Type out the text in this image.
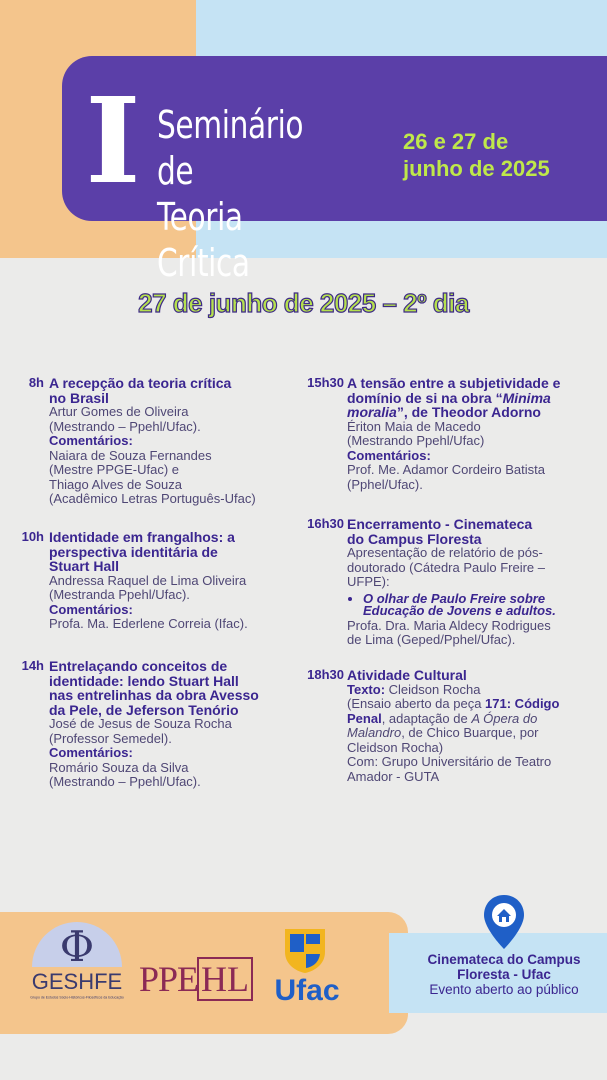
I Seminário de
Teoria Crítica
26 e 27 de
junho de 2025
27 de junho de 2025 – 2º dia
8h A recepção da teoria crítica
no Brasil
Artur Gomes de Oliveira
(Mestrando – Ppehl/Ufac).
Comentários:
Naiara de Souza Fernandes
(Mestre PPGE-Ufac) e
Thiago Alves de Souza
(Acadêmico Letras Português-Ufac)
10h Identidade em frangalhos: a
perspectiva identitária de
Stuart Hall
Andressa Raquel de Lima Oliveira
(Mestranda Ppehl/Ufac).
Comentários:
Profa. Ma. Ederlene Correia (Ifac).
14h Entrelaçando conceitos de
identidade: lendo Stuart Hall
nas entrelinhas da obra Avesso
da Pele, de Jeferson Tenório
José de Jesus de Souza Rocha
(Professor Semedel).
Comentários:
Romário Souza da Silva
(Mestrando – Ppehl/Ufac).
15h30 A tensão entre a subjetividade e
domínio de si na obra “Minima
moralia”, de Theodor Adorno
Ériton Maia de Macedo
(Mestrando Ppehl/Ufac)
Comentários:
Prof. Me. Adamor Cordeiro Batista
(Pphel/Ufac).
16h30 Encerramento - Cinemateca
do Campus Floresta
Apresentação de relatório de pós-
doutorado (Cátedra Paulo Freire –
UFPE):
• O olhar de Paulo Freire sobre
Educação de Jovens e adultos.
Profa. Dra. Maria Aldecy Rodrigues
de Lima (Geped/Pphel/Ufac).
18h30 Atividade Cultural
Texto: Cleidson Rocha
(Ensaio aberto da peça 171: Código
Penal, adaptação de A Ópera do
Malandro, de Chico Buarque, por
Cleidson Rocha)
Com: Grupo Universitário de Teatro
Amador - GUTA
Cinemateca do Campus
Floresta - Ufac
Evento aberto ao público
Φ
GESHFE
Grupo de Estudos Sócio-Históricos-Filosóficos da Educação PPE HL Ufac
